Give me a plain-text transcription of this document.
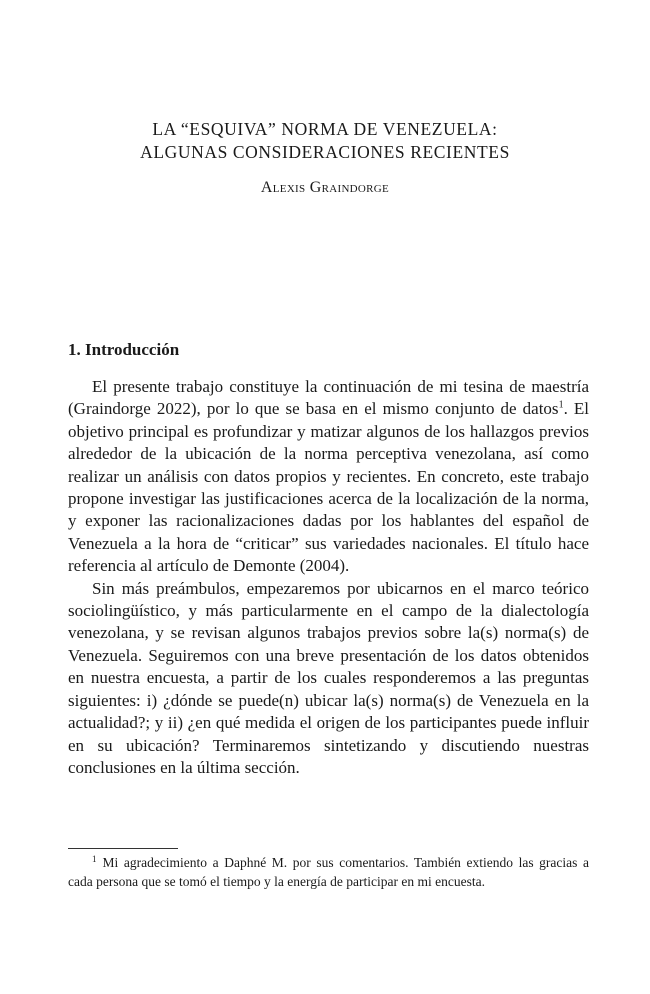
LA “ESQUIVA” NORMA DE VENEZUELA:

ALGUNAS CONSIDERACIONES RECIENTES

Alexis Graindorge
1. Introducción

El presente trabajo constituye la continuación de mi tesina de maestría (Graindorge 2022), por lo que se basa en el mismo conjunto de datos$^1$. El objetivo principal es profundizar y matizar algunos de los hallazgos previos alrededor de la ubicación de la norma perceptiva venezolana, así como realizar un análisis con datos propios y recientes. En concreto, este trabajo propone investigar las justificaciones acerca de la localización de la norma, y exponer las racionalizaciones dadas por los hablantes del español de Venezuela a la hora de “criticar” sus variedades nacionales. El título hace referencia al artículo de Demonte (2004).

Sin más preámbulos, empezaremos por ubicarnos en el marco teórico sociolingüístico, y más particularmente en el campo de la dialectología venezolana, y se revisan algunos trabajos previos sobre la(s) norma(s) de Venezuela. Seguiremos con una breve presentación de los datos obtenidos en nuestra encuesta, a partir de los cuales responderemos a las preguntas siguientes: i) ¿dónde se puede(n) ubicar la(s) norma(s) de Venezuela en la actualidad?; y ii) ¿en qué medida el origen de los participantes puede influir en su ubicación? Terminaremos sintetizando y discutiendo nuestras conclusiones en la última sección.

$^1$ Mi agradecimiento a Daphné M. por sus comentarios. También extiendo las gracias a cada persona que se tomó el tiempo y la energía de participar en mi encuesta.
